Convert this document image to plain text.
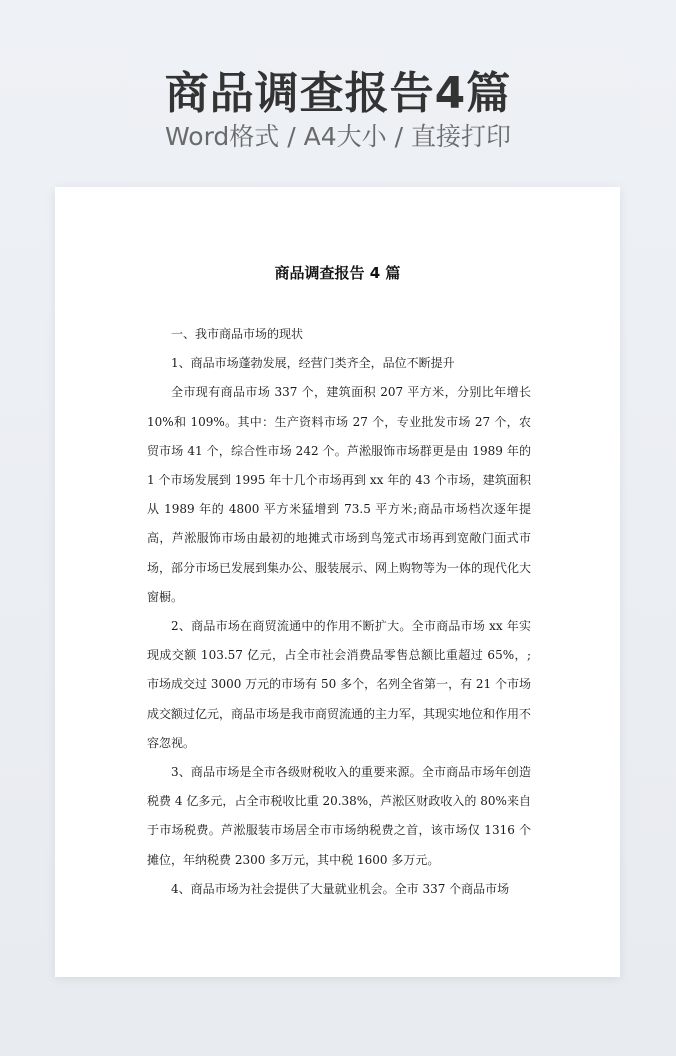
商品调查报告4篇
Word格式 / A4大小 / 直接打印
商品调查报告 4 篇

一、我市商品市场的现状

1、商品市场蓬勃发展，经营门类齐全，品位不断提升

全市现有商品市场 337 个，建筑面积 207 平方米，分别比年增长 10%和 109%。其中：生产资料市场 27 个，专业批发市场 27 个，农贸市场 41 个，综合性市场 242 个。芦淞服饰市场群更是由 1989 年的 1 个市场发展到 1995 年十几个市场再到 xx 年的 43 个市场，建筑面积从 1989 年的 4800 平方米猛增到 73.5 平方米;商品市场档次逐年提高，芦淞服饰市场由最初的地摊式市场到鸟笼式市场再到宽敞门面式市场，部分市场已发展到集办公、服装展示、网上购物等为一体的现代化大窗橱。

2、商品市场在商贸流通中的作用不断扩大。全市商品市场 xx 年实现成交额 103.57 亿元，占全市社会消费品零售总额比重超过 65%，;市场成交过 3000 万元的市场有 50 多个，名列全省第一，有 21 个市场成交额过亿元，商品市场是我市商贸流通的主力军，其现实地位和作用不容忽视。

3、商品市场是全市各级财税收入的重要来源。全市商品市场年创造税费 4 亿多元，占全市税收比重 20.38%，芦淞区财政收入的 80%来自于市场税费。芦淞服装市场居全市市场纳税费之首，该市场仅 1316 个摊位，年纳税费 2300 多万元，其中税 1600 多万元。

4、商品市场为社会提供了大量就业机会。全市 337 个商品市场
